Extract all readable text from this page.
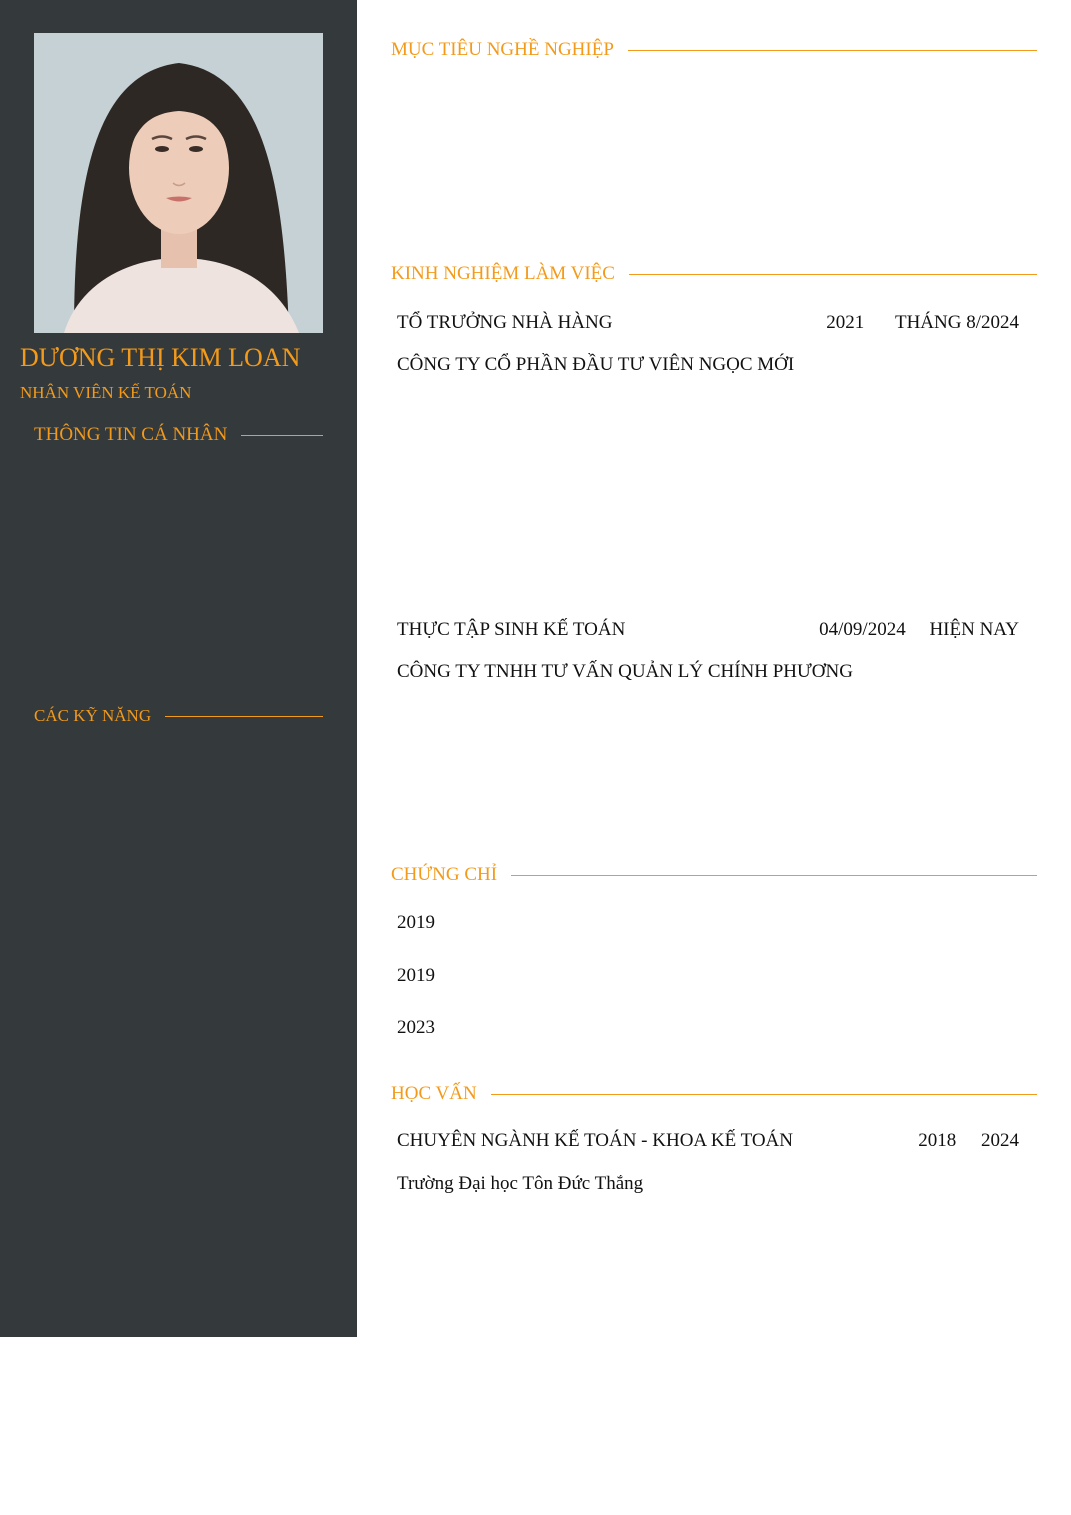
DƯƠNG THỊ KIM LOAN
NHÂN VIÊN KẾ TOÁN
THÔNG TIN CÁ NHÂN
CÁC KỸ NĂNG
MỤC TIÊU NGHỀ NGHIỆP
KINH NGHIỆM LÀM VIỆC
TỔ TRƯỞNG NHÀ HÀNG	2021 THÁNG 8/2024
CÔNG TY CỔ PHẦN ĐẦU TƯ VIÊN NGỌC MỚI
THỰC TẬP SINH KẾ TOÁN	04/09/2024 HIỆN NAY
CÔNG TY TNHH TƯ VẤN QUẢN LÝ CHÍNH PHƯƠNG
CHỨNG CHỈ
2019
2019
2023
HỌC VẤN
CHUYÊN NGÀNH KẾ TOÁN - KHOA KẾ TOÁN	2018 2024
Trường Đại học Tôn Đức Thắng
